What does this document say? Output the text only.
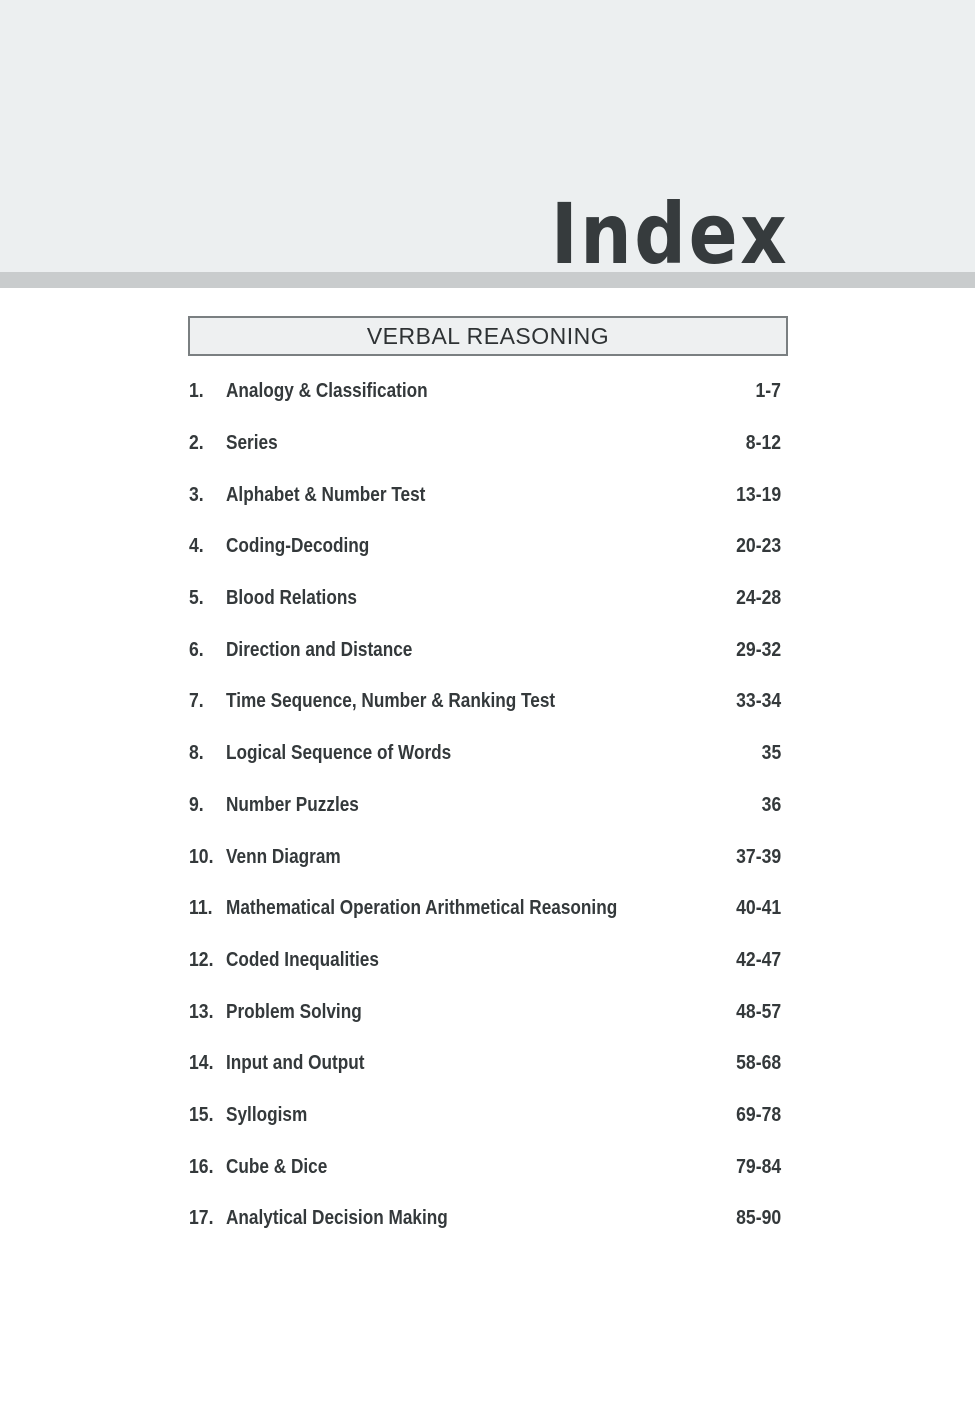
Index
VERBAL REASONING
1.	Analogy & Classification	1-7
2.	Series	8-12
3.	Alphabet & Number Test	13-19
4.	Coding-Decoding	20-23
5.	Blood Relations	24-28
6.	Direction and Distance	29-32
7.	Time Sequence, Number & Ranking Test	33-34
8.	Logical Sequence of Words	35
9.	Number Puzzles	36
10. Venn Diagram	37-39
11. Mathematical Operation Arithmetical Reasoning	40-41
12. Coded Inequalities	42-47
13. Problem Solving	48-57
14. Input and Output	58-68
15. Syllogism	69-78
16. Cube & Dice	79-84
17. Analytical Decision Making	85-90
